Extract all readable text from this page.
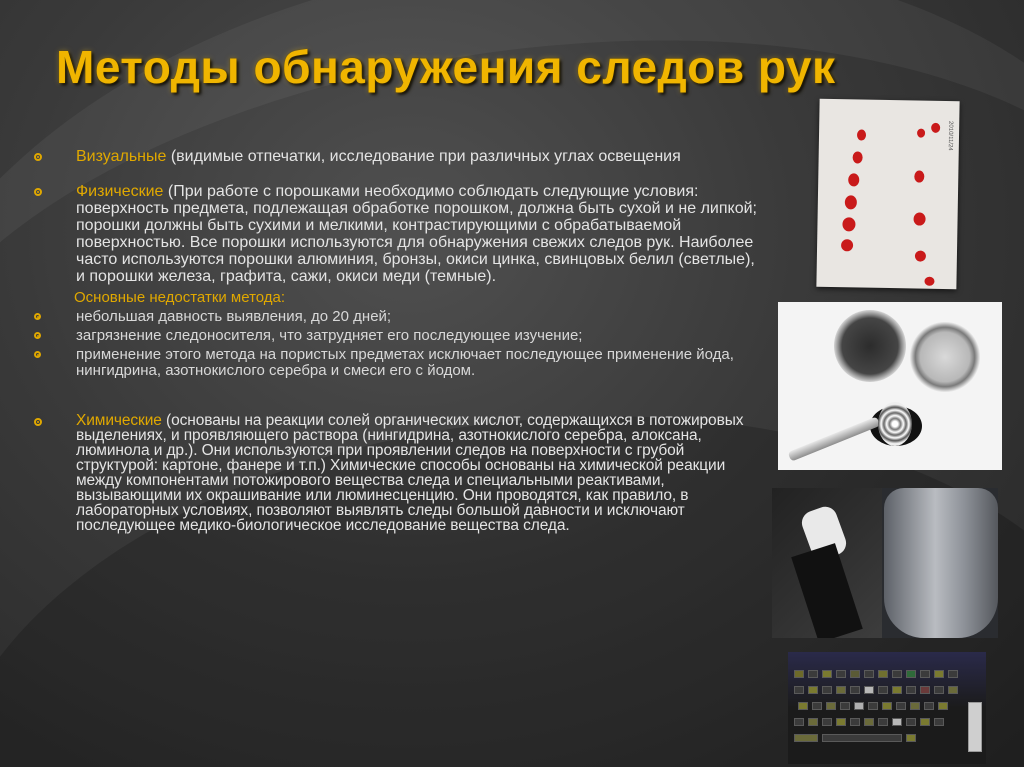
Методы обнаружения следов рук
Визуальные (видимые отпечатки, исследование при различных углах освещения
Физические (При работе с порошками необходимо соблюдать следующие условия: поверхность предмета, подлежащая обработке порошком, должна быть сухой и не липкой; порошки должны быть сухими и мелкими, контрастирующими с обрабатываемой поверхностью. Все порошки используются для обнаружения свежих следов рук. Наиболее часто используются порошки алюминия, бронзы, окиси цинка, свинцовых белил (светлые), и порошки железа, графита, сажи, окиси меди (темные).
Основные недостатки метода:
небольшая давность выявления, до 20 дней;
загрязнение следоносителя, что затрудняет его последующее изучение;
применение этого метода на пористых предметах исключает последующее применение йода, нингидрина, азотнокислого серебра и смеси его с йодом.
Химические (основаны на реакции солей органических кислот, содержащихся в потожировых выделениях, и проявляющего раствора (нингидрина, азотнокислого серебра, алоксана, люминола и др.). Они используются при проявлении следов на поверхности с грубой структурой: картоне, фанере и т.п.) Химические способы основаны на химической реакции между компонентами потожирового вещества следа и специальными реактивами, вызывающими их окрашивание или люминесценцию. Они проводятся, как правило, в лабораторных условиях, позволяют выявлять следы большой давности и исключают последующее медико-биологическое исследование вещества следа.
2010/11/24
